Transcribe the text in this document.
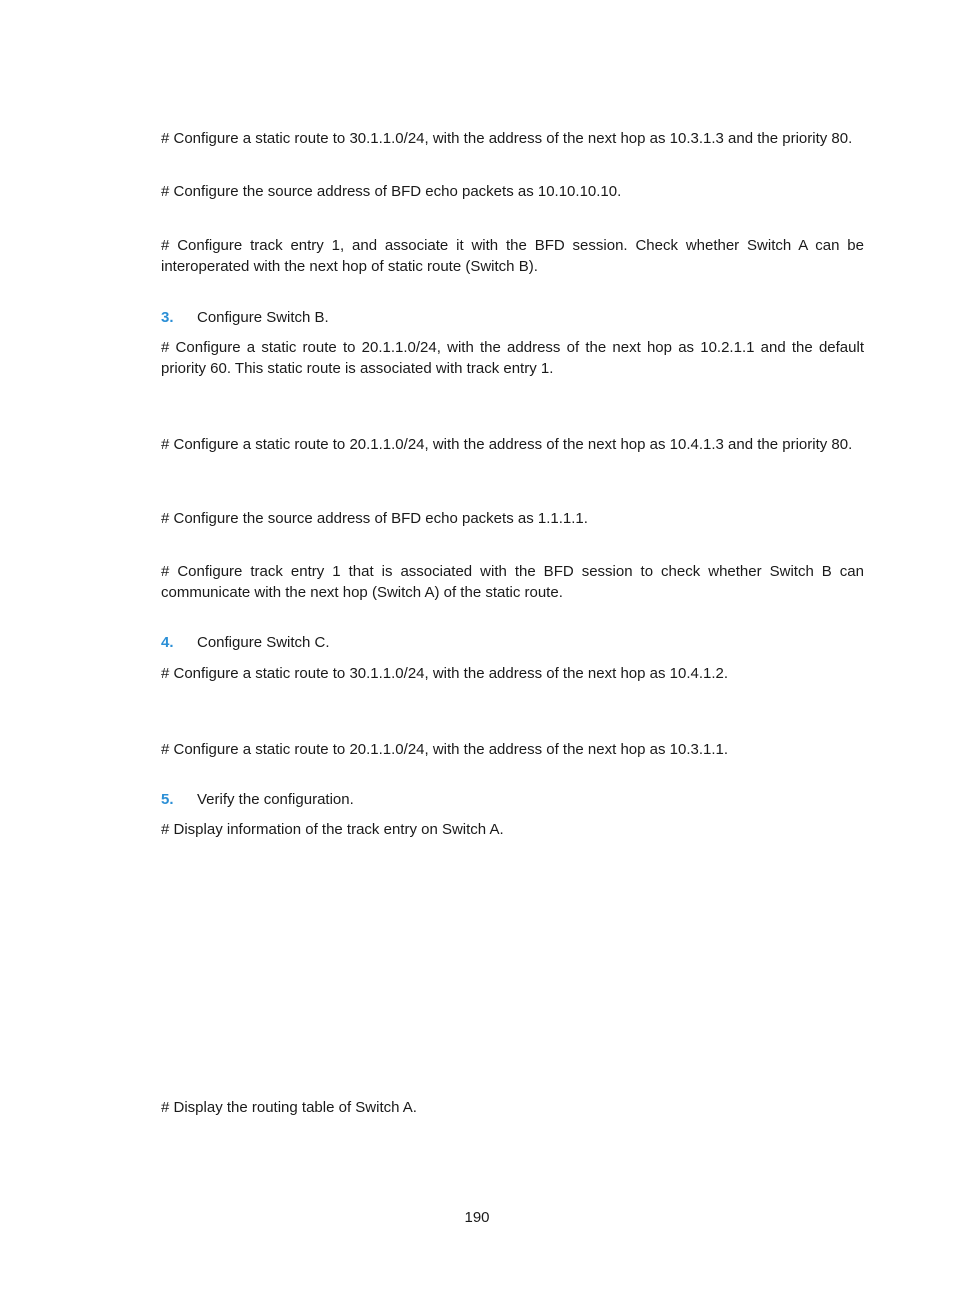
# Configure a static route to 30.1.1.0/24, with the address of the next hop as 10.3.1.3 and the priority 80.

# Configure the source address of BFD echo packets as 10.10.10.10.

# Configure track entry 1, and associate it with the BFD session. Check whether Switch A can be interoperated with the next hop of static route (Switch B).

3. Configure Switch B.

# Configure a static route to 20.1.1.0/24, with the address of the next hop as 10.2.1.1 and the default priority 60. This static route is associated with track entry 1.

# Configure a static route to 20.1.1.0/24, with the address of the next hop as 10.4.1.3 and the priority 80.

# Configure the source address of BFD echo packets as 1.1.1.1.

# Configure track entry 1 that is associated with the BFD session to check whether Switch B can communicate with the next hop (Switch A) of the static route.

4. Configure Switch C.

# Configure a static route to 30.1.1.0/24, with the address of the next hop as 10.4.1.2.

# Configure a static route to 20.1.1.0/24, with the address of the next hop as 10.3.1.1.

5. Verify the configuration.

# Display information of the track entry on Switch A.

# Display the routing table of Switch A.

190
